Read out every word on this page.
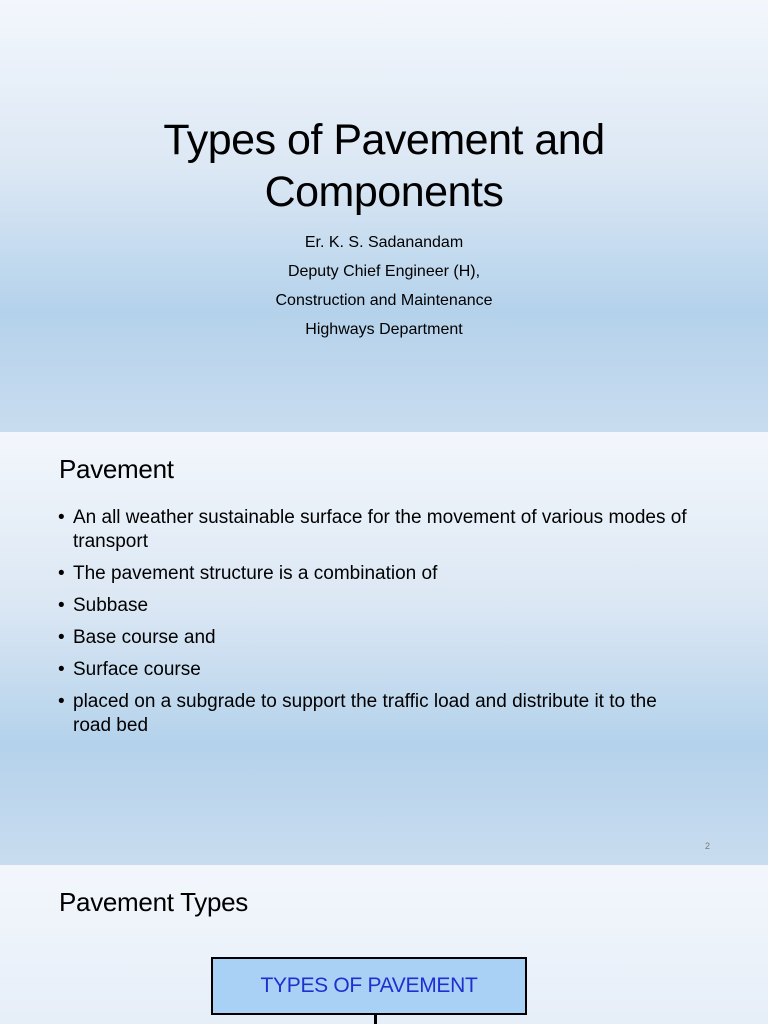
Types of Pavement and
Components
Er. K. S. Sadanandam
Deputy Chief Engineer (H),
Construction and Maintenance
Highways Department
Pavement
• An all weather sustainable surface for the movement of various modes of transport
• The pavement structure is a combination of
• Subbase
• Base course and
• Surface course
• placed on a subgrade to support the traffic load and distribute it to the road bed
2
Pavement Types
TYPES OF PAVEMENT
